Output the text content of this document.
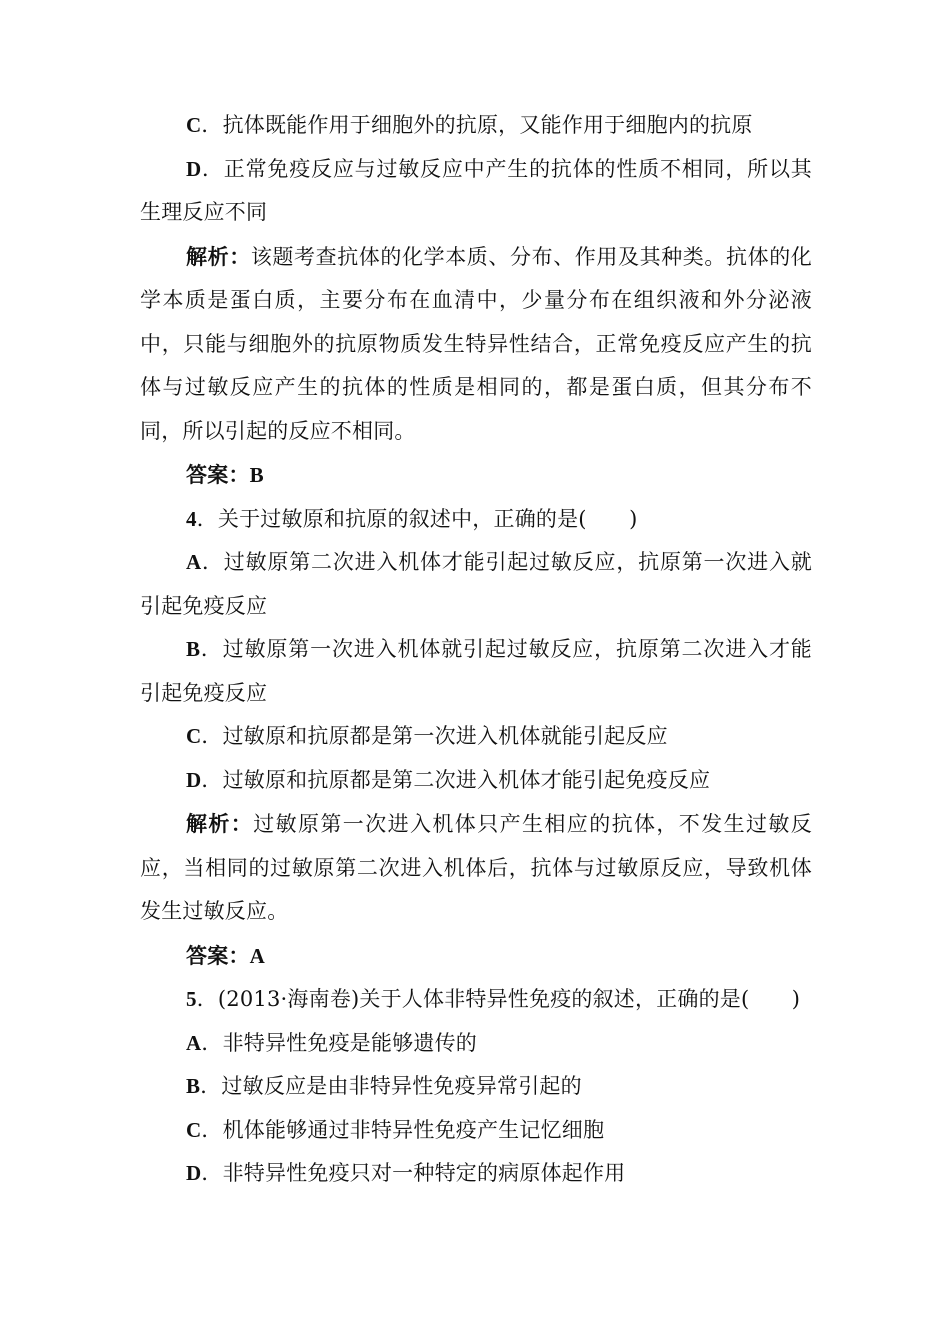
C．抗体既能作用于细胞外的抗原，又能作用于细胞内的抗原

D．正常免疫反应与过敏反应中产生的抗体的性质不相同，所以其生理反应不同

解析：该题考查抗体的化学本质、分布、作用及其种类。抗体的化学本质是蛋白质，主要分布在血清中，少量分布在组织液和外分泌液中，只能与细胞外的抗原物质发生特异性结合，正常免疫反应产生的抗体与过敏反应产生的抗体的性质是相同的，都是蛋白质，但其分布不同，所以引起的反应不相同。

答案：B

4．关于过敏原和抗原的叙述中，正确的是(　　)

A．过敏原第二次进入机体才能引起过敏反应，抗原第一次进入就引起免疫反应

B．过敏原第一次进入机体就引起过敏反应，抗原第二次进入才能引起免疫反应

C．过敏原和抗原都是第一次进入机体就能引起反应

D．过敏原和抗原都是第二次进入机体才能引起免疫反应

解析：过敏原第一次进入机体只产生相应的抗体，不发生过敏反应，当相同的过敏原第二次进入机体后，抗体与过敏原反应，导致机体发生过敏反应。

答案：A

5．(2013·海南卷)关于人体非特异性免疫的叙述，正确的是(　　)

A．非特异性免疫是能够遗传的

B．过敏反应是由非特异性免疫异常引起的

C．机体能够通过非特异性免疫产生记忆细胞

D．非特异性免疫只对一种特定的病原体起作用
